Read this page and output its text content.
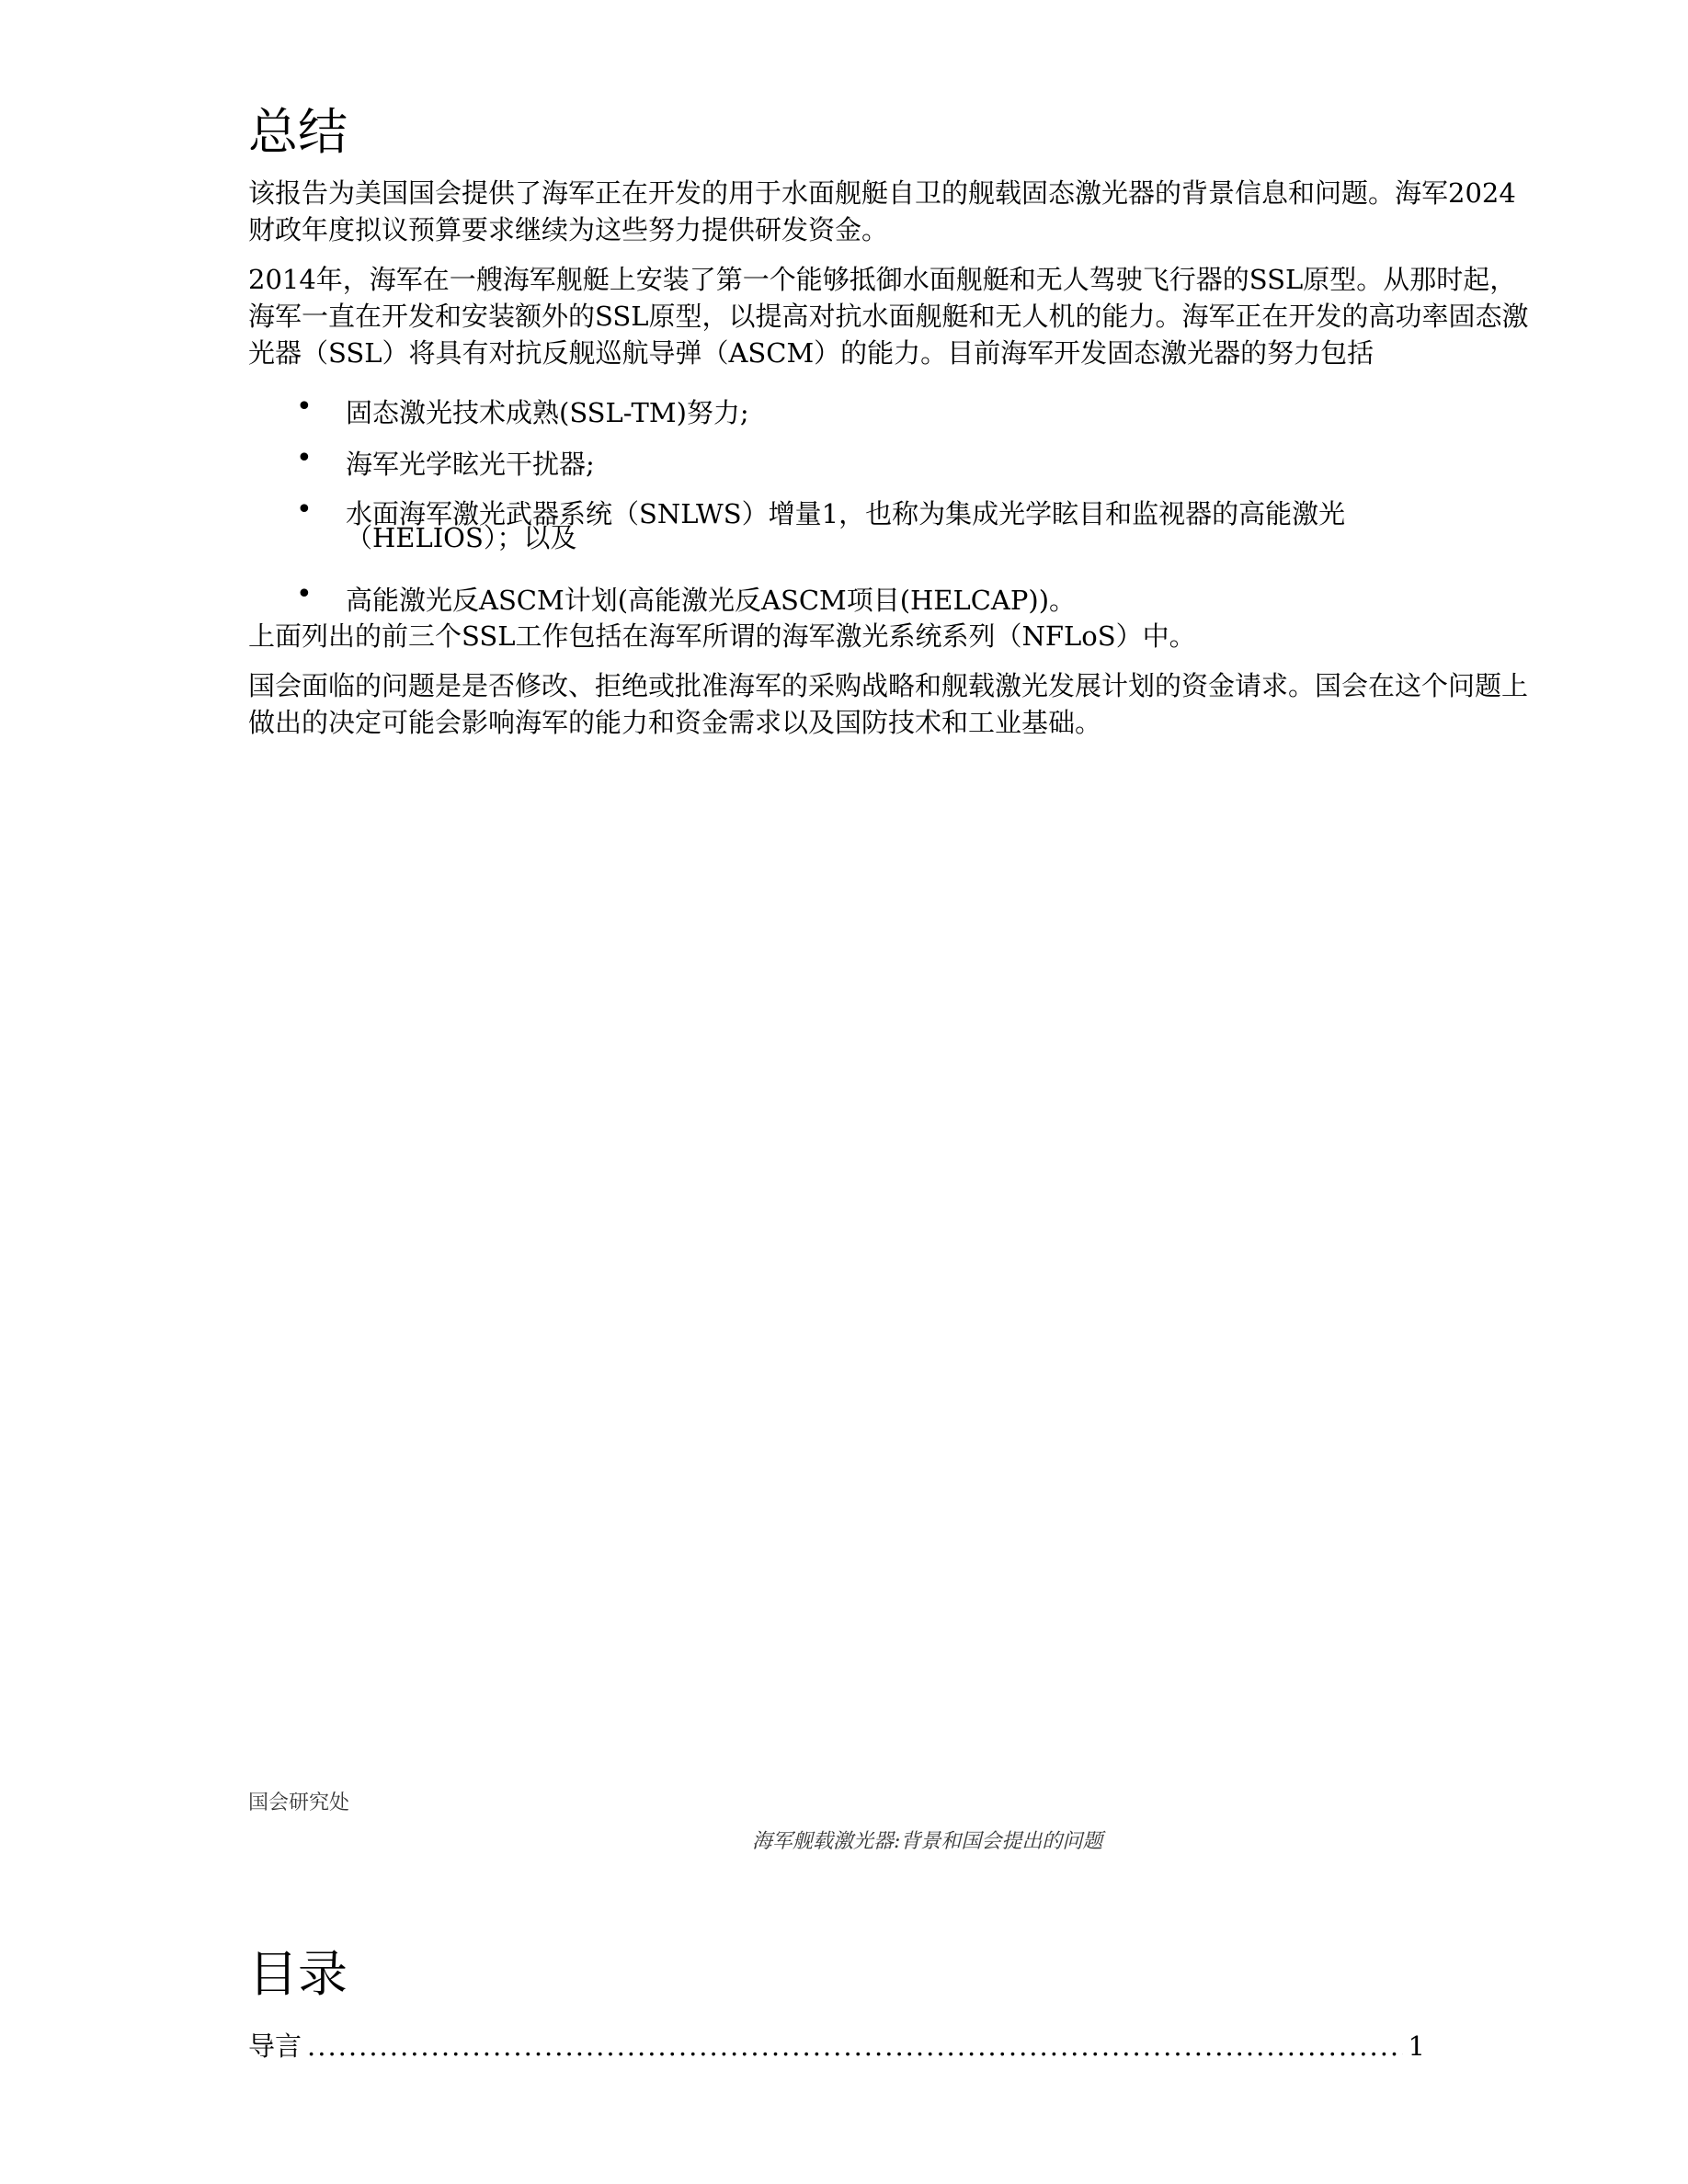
总结

该报告为美国国会提供了海军正在开发的用于水面舰艇自卫的舰载固态激光器的背景信息和问题。海军2024财政年度拟议预算要求继续为这些努力提供研发资金。

2014年，海军在一艘海军舰艇上安装了第一个能够抵御水面舰艇和无人驾驶飞行器的SSL原型。从那时起，海军一直在开发和安装额外的SSL原型，以提高对抗水面舰艇和无人机的能力。海军正在开发的高功率固态激光器（SSL）将具有对抗反舰巡航导弹（ASCM）的能力。目前海军开发固态激光器的努力包括

• 固态激光技术成熟(SSL-TM)努力;
• 海军光学眩光干扰器;
• 水面海军激光武器系统（SNLWS）增量1，也称为集成光学眩目和监视器的高能激光（HELIOS）；以及
• 高能激光反ASCM计划(高能激光反ASCM项目(HELCAP))。

上面列出的前三个SSL工作包括在海军所谓的海军激光系统系列（NFLoS）中。

国会面临的问题是是否修改、拒绝或批准海军的采购战略和舰载激光发展计划的资金请求。国会在这个问题上做出的决定可能会影响海军的能力和资金需求以及国防技术和工业基础。

国会研究处
海军舰载激光器:背景和国会提出的问题
目录
导言
.....	1
